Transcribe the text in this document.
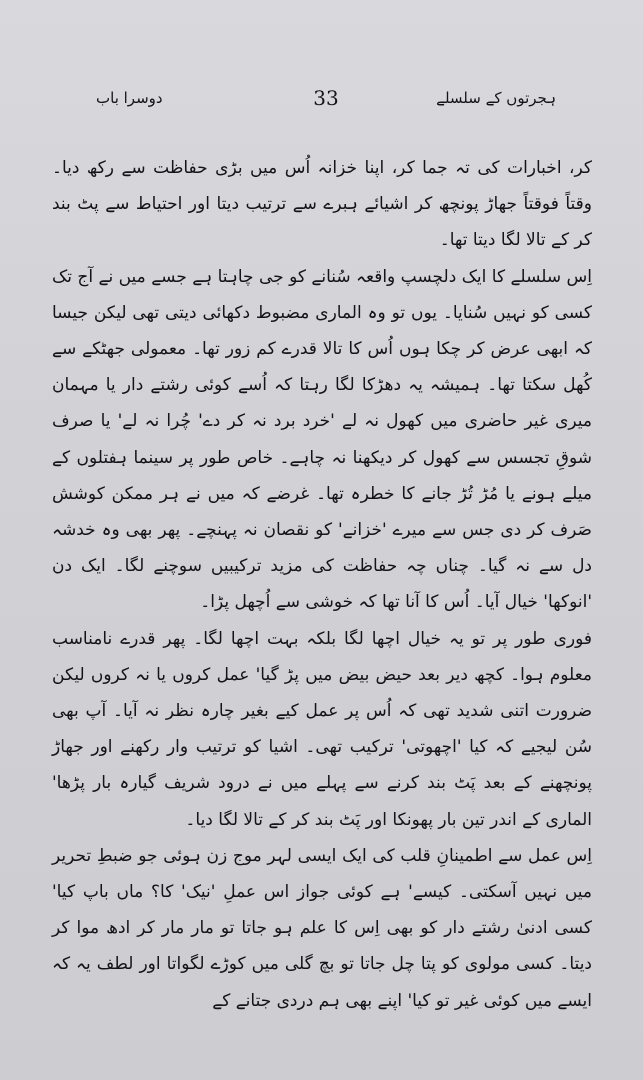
دوسرا باب	33	ہجرتوں کے سلسلے

کر، اخبارات کی تہ جما کر، اپنا خزانہ اُس میں بڑی حفاظت سے رکھ دیا۔ وقتاً فوقتاً جھاڑ پونچھ کر اشیائے ہبرے سے ترتیب دیتا اور احتیاط سے پٹ بند کر کے تالا لگا دیتا تھا۔

اِس سلسلے کا ایک دلچسپ واقعہ سُنانے کو جی چاہتا ہے جسے میں نے آج تک کسی کو نہیں سُنایا۔ یوں تو وہ الماری مضبوط دکھائی دیتی تھی لیکن جیسا کہ ابھی عرض کر چکا ہوں اُس کا تالا قدرے کم زور تھا۔ معمولی جھٹکے سے کُھل سکتا تھا۔ ہمیشہ یہ دھڑکا لگا رہتا کہ اُسے کوئی رشتے دار یا مہمان میری غیر حاضری میں کھول نہ لے 'خرد برد نہ کر دے' چُرا نہ لے' یا صرف شوقِ تجسس سے کھول کر دیکھنا نہ چاہے۔ خاص طور پر سینما ہفتلوں کے میلے ہونے یا مُڑ تُڑ جانے کا خطرہ تھا۔ غرضے کہ میں نے ہر ممکن کوشش صَرف کر دی جس سے میرے 'خزانے' کو نقصان نہ پہنچے۔ پھر بھی وہ خدشہ دل سے نہ گیا۔ چناں چہ حفاظت کی مزید ترکیبیں سوچنے لگا۔ ایک دن 'انوکھا' خیال آیا۔ اُس کا آنا تھا کہ خوشی سے اُچھل پڑا۔

فوری طور پر تو یہ خیال اچھا لگا بلکہ بہت اچھا لگا۔ پھر قدرے نامناسب معلوم ہوا۔ کچھ دیر بعد حیض بیض میں پڑ گیا' عمل کروں یا نہ کروں لیکن ضرورت اتنی شدید تھی کہ اُس پر عمل کیے بغیر چارہ نظر نہ آیا۔ آپ بھی سُن لیجیے کہ کیا 'اچھوتی' ترکیب تھی۔ اشیا کو ترتیب وار رکھنے اور جھاڑ پونچھنے کے بعد پَٹ بند کرنے سے پہلے میں نے درود شریف گیارہ بار پڑھا' الماری کے اندر تین بار پھونکا اور پَٹ بند کر کے تالا لگا دیا۔

اِس عمل سے اطمینانِ قلب کی ایک ایسی لہر موج زن ہوئی جو ضبطِ تحریر میں نہیں آسکتی۔ کیسے' ہے کوئی جواز اس عملِ 'نیک' کا؟ ماں باپ کیا' کسی ادنیٰ رشتے دار کو بھی اِس کا علم ہو جاتا تو مار مار کر ادھ موا کر دیتا۔ کسی مولوی کو پتا چل جاتا تو بچ گلی میں کوڑے لگواتا اور لطف یہ کہ ایسے میں کوئی غیر تو کیا' اپنے بھی ہم دردی جتانے کے
